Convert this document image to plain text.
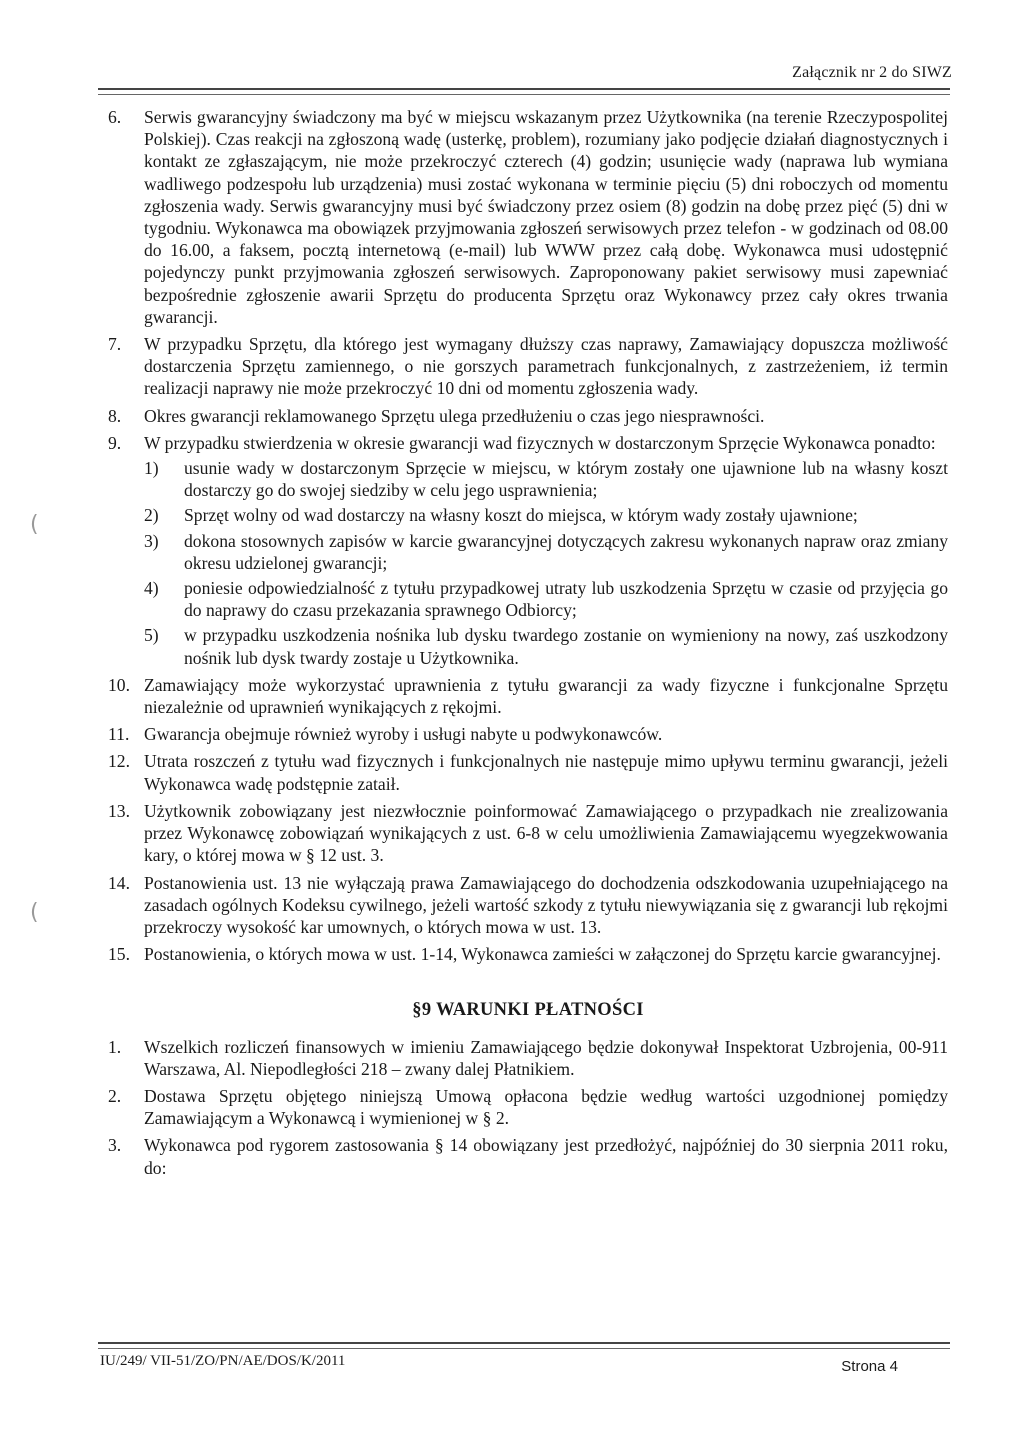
Załącznik nr 2 do SIWZ
(
(
6. Serwis gwarancyjny świadczony ma być w miejscu wskazanym przez Użytkownika (na terenie Rzeczypospolitej Polskiej). Czas reakcji na zgłoszoną wadę (usterkę, problem), rozumiany jako podjęcie działań diagnostycznych i kontakt ze zgłaszającym, nie może przekroczyć czterech (4) godzin; usunięcie wady (naprawa lub wymiana wadliwego podzespołu lub urządzenia) musi zostać wykonana w terminie pięciu (5) dni roboczych od momentu zgłoszenia wady. Serwis gwarancyjny musi być świadczony przez osiem (8) godzin na dobę przez pięć (5) dni w tygodniu. Wykonawca ma obowiązek przyjmowania zgłoszeń serwisowych przez telefon - w godzinach od 08.00 do 16.00, a faksem, pocztą internetową (e-mail) lub WWW przez całą dobę. Wykonawca musi udostępnić pojedynczy punkt przyjmowania zgłoszeń serwisowych. Zaproponowany pakiet serwisowy musi zapewniać bezpośrednie zgłoszenie awarii Sprzętu do producenta Sprzętu oraz Wykonawcy przez cały okres trwania gwarancji.
7. W przypadku Sprzętu, dla którego jest wymagany dłuższy czas naprawy, Zamawiający dopuszcza możliwość dostarczenia Sprzętu zamiennego, o nie gorszych parametrach funkcjonalnych, z zastrzeżeniem, iż termin realizacji naprawy nie może przekroczyć 10 dni od momentu zgłoszenia wady.
8. Okres gwarancji reklamowanego Sprzętu ulega przedłużeniu o czas jego niesprawności.
9. W przypadku stwierdzenia w okresie gwarancji wad fizycznych w dostarczonym Sprzęcie Wykonawca ponadto:
1) usunie wady w dostarczonym Sprzęcie w miejscu, w którym zostały one ujawnione lub na własny koszt dostarczy go do swojej siedziby w celu jego usprawnienia;
2) Sprzęt wolny od wad dostarczy na własny koszt do miejsca, w którym wady zostały ujawnione;
3) dokona stosownych zapisów w karcie gwarancyjnej dotyczących zakresu wykonanych napraw oraz zmiany okresu udzielonej gwarancji;
4) poniesie odpowiedzialność z tytułu przypadkowej utraty lub uszkodzenia Sprzętu w czasie od przyjęcia go do naprawy do czasu przekazania sprawnego Odbiorcy;
5) w przypadku uszkodzenia nośnika lub dysku twardego zostanie on wymieniony na nowy, zaś uszkodzony nośnik lub dysk twardy zostaje u Użytkownika.
10. Zamawiający może wykorzystać uprawnienia z tytułu gwarancji za wady fizyczne i funkcjonalne Sprzętu niezależnie od uprawnień wynikających z rękojmi.
11. Gwarancja obejmuje również wyroby i usługi nabyte u podwykonawców.
12. Utrata roszczeń z tytułu wad fizycznych i funkcjonalnych nie następuje mimo upływu terminu gwarancji, jeżeli Wykonawca wadę podstępnie zataił.
13. Użytkownik zobowiązany jest niezwłocznie poinformować Zamawiającego o przypadkach nie zrealizowania przez Wykonawcę zobowiązań wynikających z ust. 6-8 w celu umożliwienia Zamawiającemu wyegzekwowania kary, o której mowa w § 12 ust. 3.
14. Postanowienia ust. 13 nie wyłączają prawa Zamawiającego do dochodzenia odszkodowania uzupełniającego na zasadach ogólnych Kodeksu cywilnego, jeżeli wartość szkody z tytułu niewywiązania się z gwarancji lub rękojmi przekroczy wysokość kar umownych, o których mowa w ust. 13.
15. Postanowienia, o których mowa w ust. 1-14, Wykonawca zamieści w załączonej do Sprzętu karcie gwarancyjnej.
§9 WARUNKI PŁATNOŚCI
1. Wszelkich rozliczeń finansowych w imieniu Zamawiającego będzie dokonywał Inspektorat Uzbrojenia, 00-911 Warszawa, Al. Niepodległości 218 – zwany dalej Płatnikiem.
2. Dostawa Sprzętu objętego niniejszą Umową opłacona będzie według wartości uzgodnionej pomiędzy Zamawiającym a Wykonawcą i wymienionej w § 2.
3. Wykonawca pod rygorem zastosowania § 14 obowiązany jest przedłożyć, najpóźniej do 30 sierpnia 2011 roku, do:
IU/249/ VII-51/ZO/PN/AE/DOS/K/2011	Strona 4
